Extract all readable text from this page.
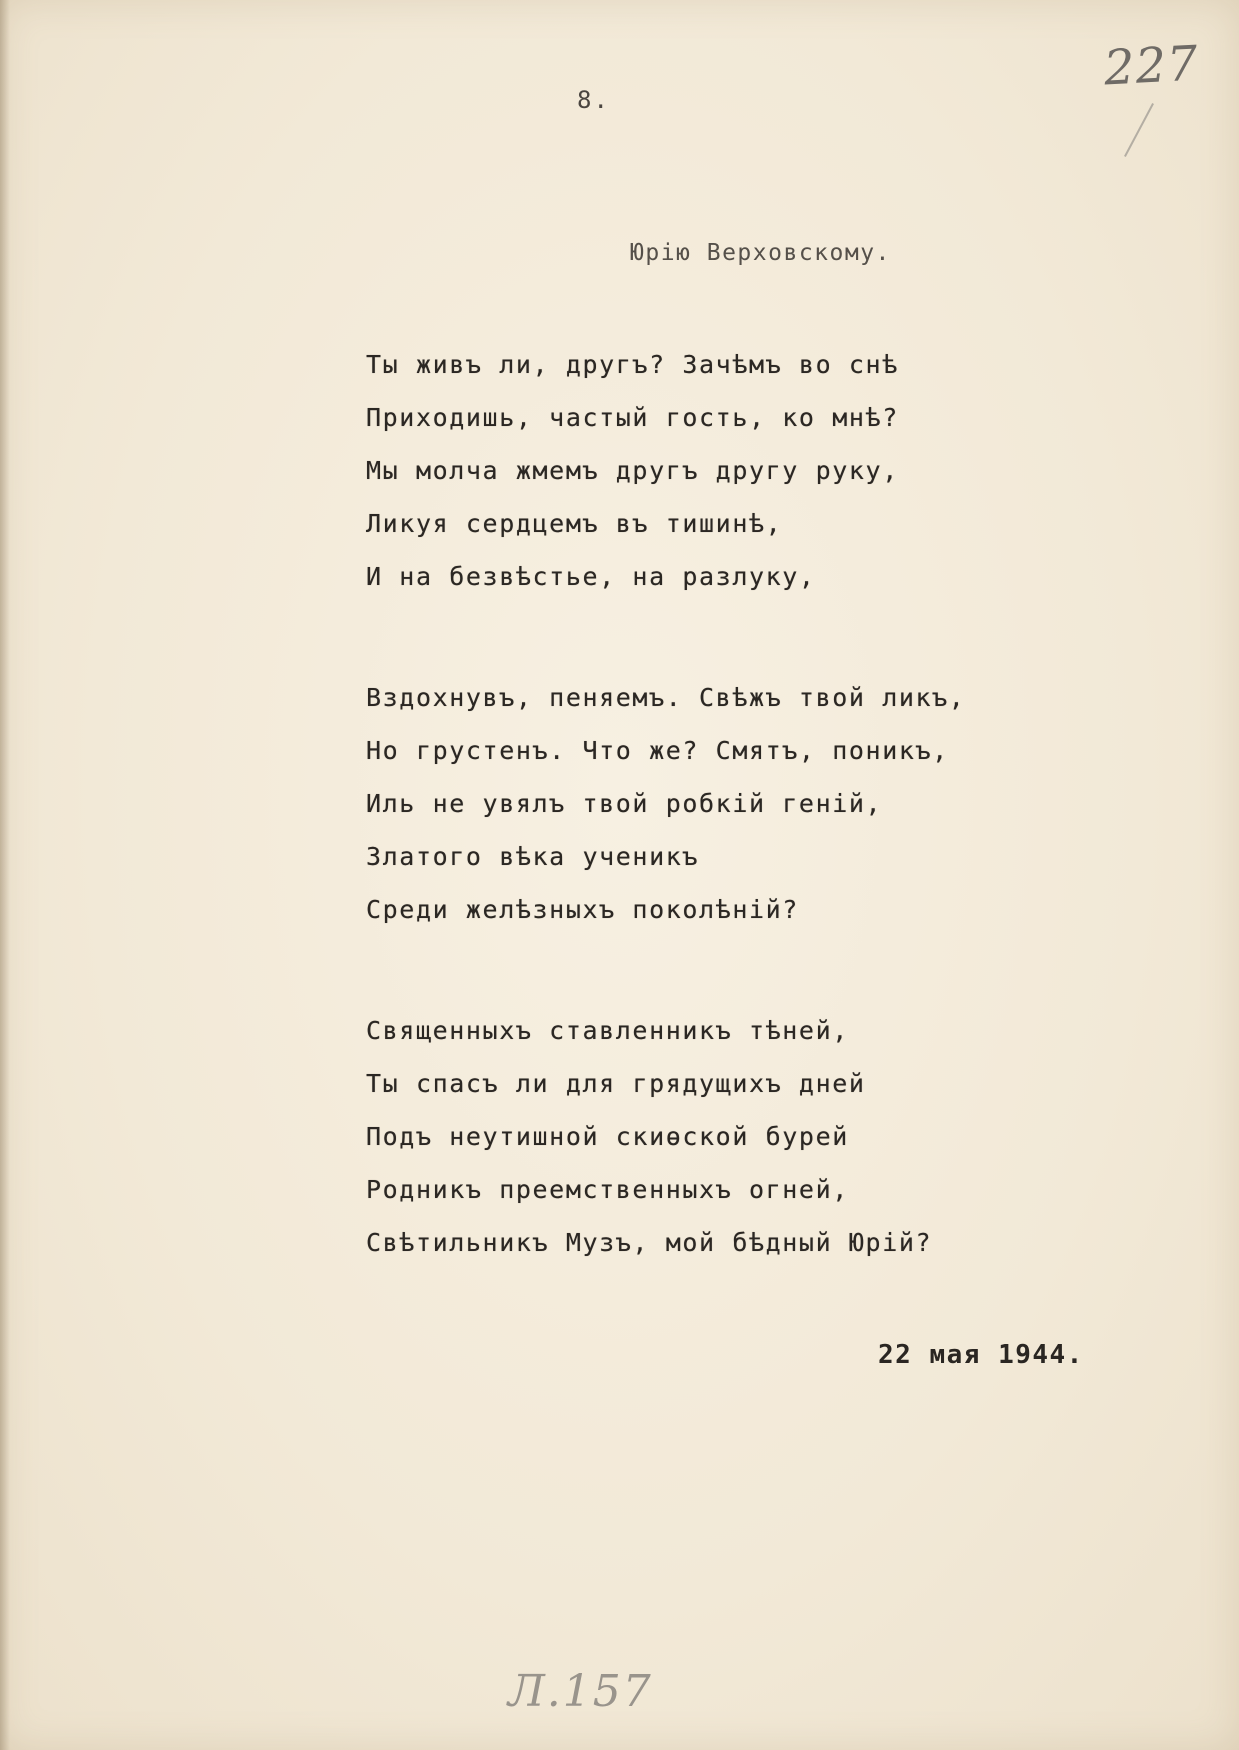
8.
227
Юрію Верховскому.
Ты живъ ли, другъ? Зачѣмъ во снѣ
Приходишь, частый гость, ко мнѣ?
Мы молча жмемъ другъ другу руку,
Ликуя сердцемъ въ тишинѣ,
И на безвѣстье, на разлуку,
Вздохнувъ, пеняемъ. Свѣжъ твой ликъ,
Но грустенъ. Что же? Смятъ, поникъ,
Иль не увялъ твой робкій геній,
Златого вѣка ученикъ
Среди желѣзныхъ поколѣній?
Священныхъ ставленникъ тѣней,
Ты спасъ ли для грядущихъ дней
Подъ неутишной скиѳской бурей
Родникъ преемственныхъ огней,
Свѣтильникъ Музъ, мой бѣдный Юрій?
22 мая 1944.
Л.157
